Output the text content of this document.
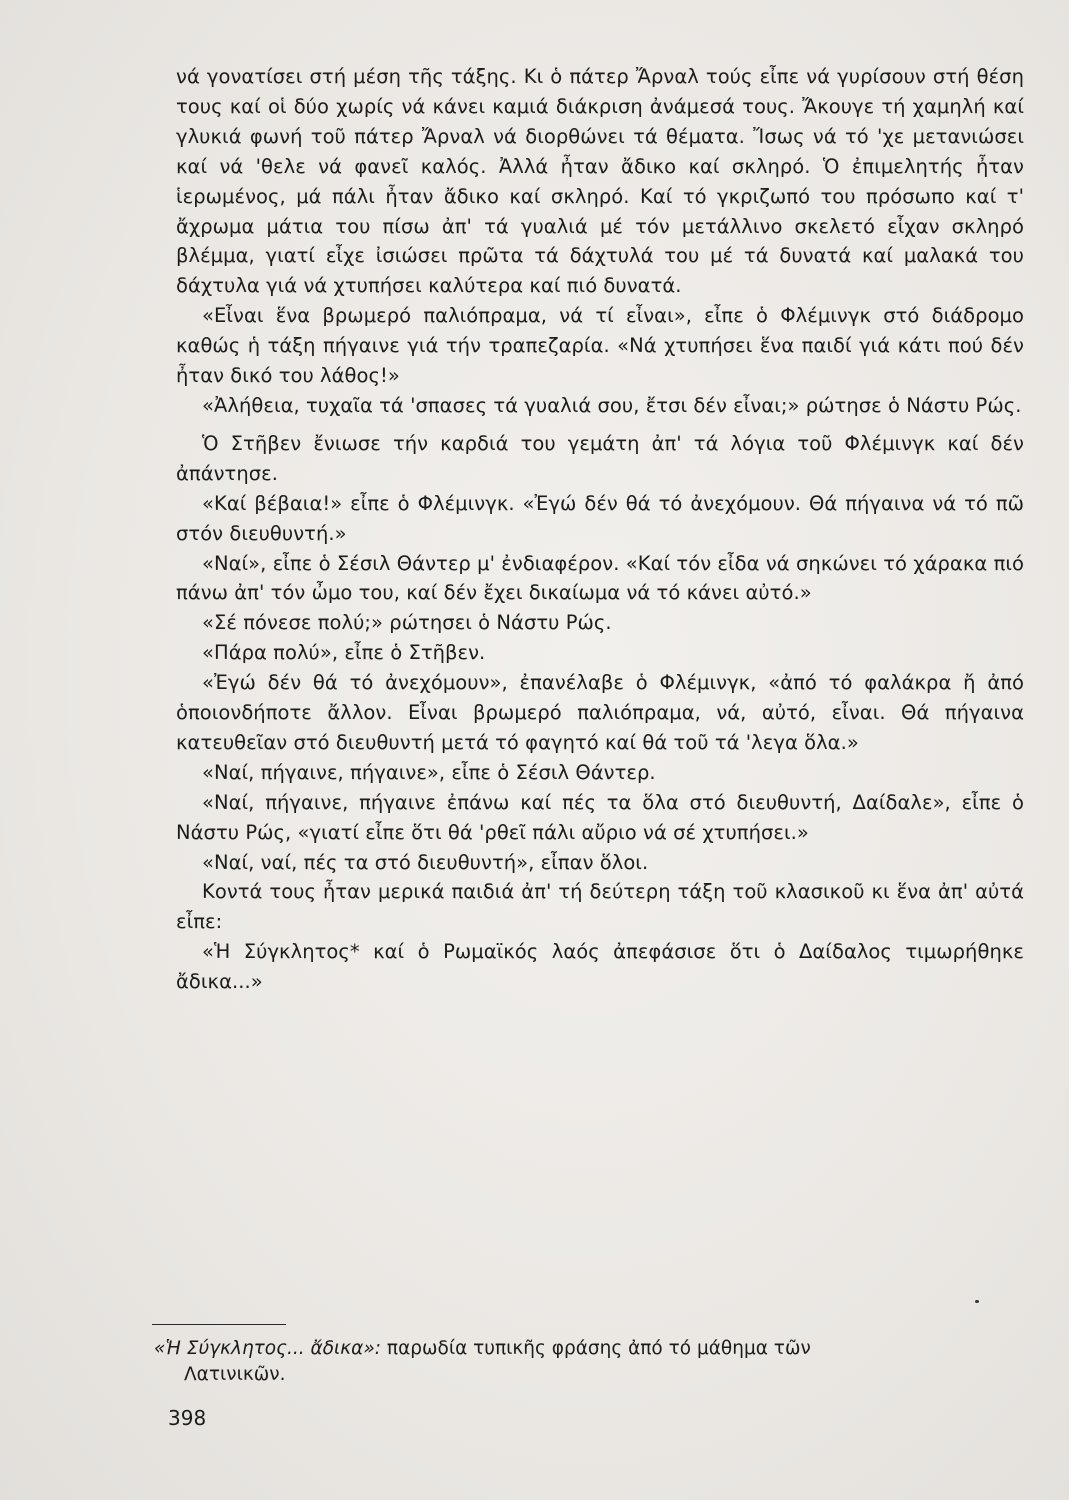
νά γονατίσει στή μέση τῆς τάξης. Κι ὁ πάτερ Ἄρναλ τούς εἶπε νά γυρίσουν στή θέση τους καί οἱ δύο χωρίς νά κάνει καμιά διάκριση ἀνάμεσά τους. Ἄκουγε τή χαμηλή καί γλυκιά φωνή τοῦ πάτερ Ἄρναλ νά διορθώνει τά θέματα. Ἴσως νά τό 'χε μετανιώσει καί νά 'θελε νά φανεῖ καλός. Ἀλλά ἦταν ἄδικο καί σκληρό. Ὁ ἐπιμελητής ἦταν ἱερωμένος, μά πάλι ἦταν ἄδικο καί σκληρό. Καί τό γκριζωπό του πρόσωπο καί τ' ἄχρωμα μάτια του πίσω ἀπ' τά γυαλιά μέ τόν μετάλλινο σκελετό εἶχαν σκληρό βλέμμα, γιατί εἶχε ἰσιώσει πρῶτα τά δάχτυλά του μέ τά δυνατά καί μαλακά του δάχτυλα γιά νά χτυπήσει καλύτερα καί πιό δυνατά.

«Εἶναι ἕνα βρωμερό παλιόπραμα, νά τί εἶναι», εἶπε ὁ Φλέμινγκ στό διάδρομο καθώς ἡ τάξη πήγαινε γιά τήν τραπεζαρία. «Νά χτυπήσει ἕνα παιδί γιά κάτι πού δέν ἦταν δικό του λάθος!»

«Ἀλήθεια, τυχαῖα τά 'σπασες τά γυαλιά σου, ἔτσι δέν εἶναι;» ρώτησε ὁ Νάστυ Ρώς.

Ὁ Στῆβεν ἔνιωσε τήν καρδιά του γεμάτη ἀπ' τά λόγια τοῦ Φλέμινγκ καί δέν ἀπάντησε.

«Καί βέβαια!» εἶπε ὁ Φλέμινγκ. «Ἐγώ δέν θά τό ἀνεχόμουν. Θά πήγαινα νά τό πῶ στόν διευθυντή.»

«Ναί», εἶπε ὁ Σέσιλ Θάντερ μ' ἐνδιαφέρον. «Καί τόν εἶδα νά σηκώνει τό χάρακα πιό πάνω ἀπ' τόν ὦμο του, καί δέν ἔχει δικαίωμα νά τό κάνει αὐτό.»

«Σέ πόνεσε πολύ;» ρώτησει ὁ Νάστυ Ρώς.

«Πάρα πολύ», εἶπε ὁ Στῆβεν.

«Ἐγώ δέν θά τό ἀνεχόμουν», ἐπανέλαβε ὁ Φλέμινγκ, «ἀπό τό φαλάκρα ἤ ἀπό ὁποιονδήποτε ἄλλον. Εἶναι βρωμερό παλιόπραμα, νά, αὐτό, εἶναι. Θά πήγαινα κατευθεῖαν στό διευθυντή μετά τό φαγητό καί θά τοῦ τά 'λεγα ὅλα.»

«Ναί, πήγαινε, πήγαινε», εἶπε ὁ Σέσιλ Θάντερ.

«Ναί, πήγαινε, πήγαινε ἐπάνω καί πές τα ὅλα στό διευθυντή, Δαίδαλε», εἶπε ὁ Νάστυ Ρώς, «γιατί εἶπε ὅτι θά 'ρθεῖ πάλι αὔριο νά σέ χτυπήσει.»

«Ναί, ναί, πές τα στό διευθυντή», εἶπαν ὅλοι.

Κοντά τους ἦταν μερικά παιδιά ἀπ' τή δεύτερη τάξη τοῦ κλασικοῦ κι ἕνα ἀπ' αὐτά εἶπε:

«Ἡ Σύγκλητος* καί ὁ Ρωμαϊκός λαός ἀπεφάσισε ὅτι ὁ Δαίδαλος τιμωρήθηκε ἄδικα...»

«Ἡ Σύγκλητος... ἄδικα»: παρωδία τυπικῆς φράσης ἀπό τό μάθημα τῶν
Λατινικῶν.
398
